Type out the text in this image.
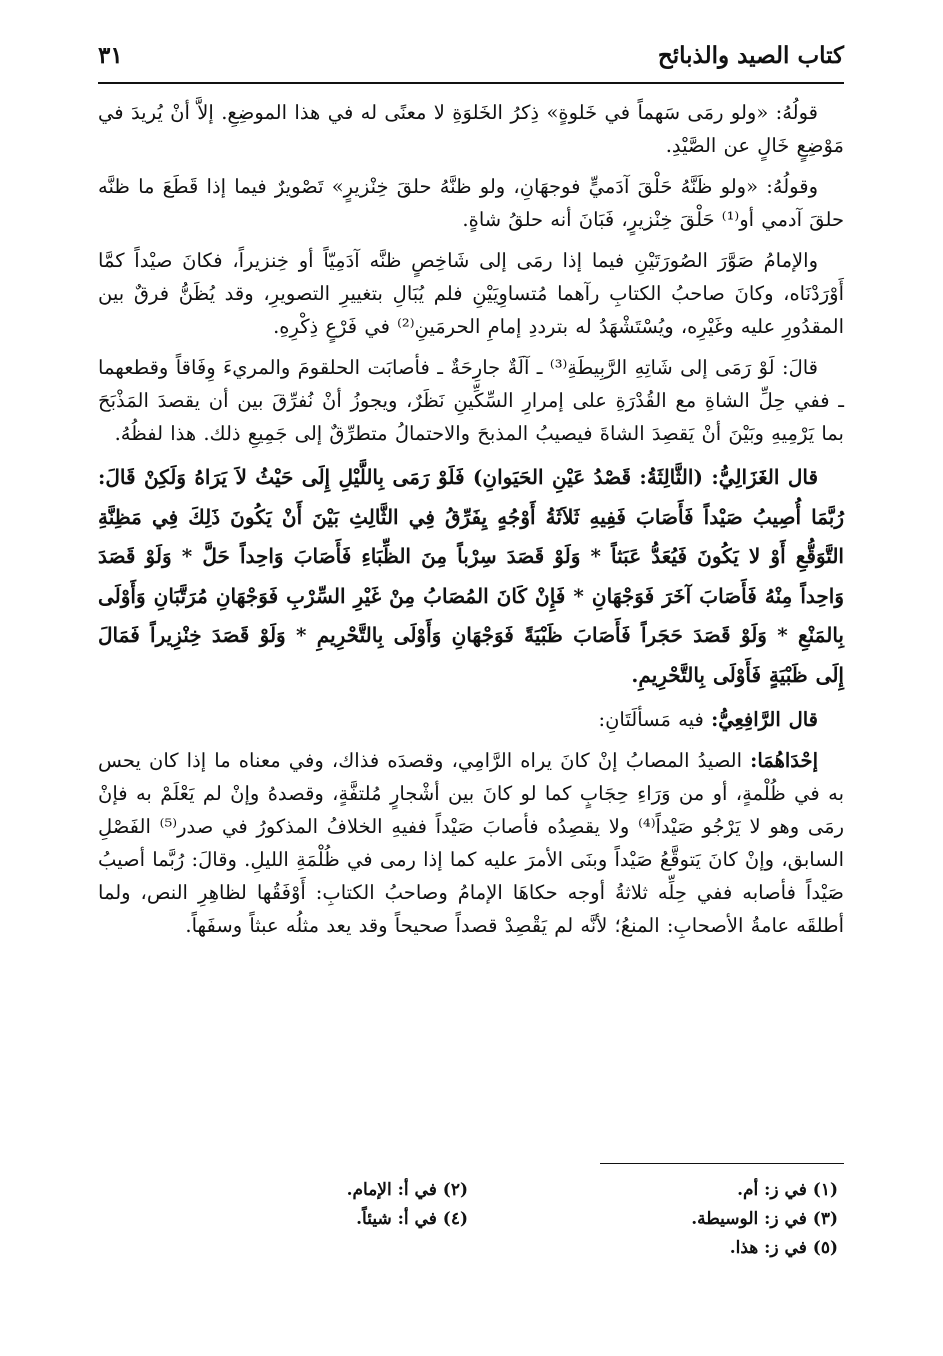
كتاب الصيد والذبائح
٣١

قولُهُ: «ولو رمَى سَهماً في خَلوةٍ» ذِكرُ الخَلوَةِ لا معنًى له في هذا الموضِعِ. إلاَّ أنْ يُريدَ في مَوْضِعٍ خَالٍ عن الصَّيْدِ.

وقولُهُ: «ولو ظَنَّهُ حَلْقَ آدَميٍّ فوجهَانِ، ولو ظنَّهُ حلقَ خِنْزيرٍ» تَصْويرٌ فيما إذا قَطَعَ ما ظنَّه حلقَ آدمي أو⁽¹⁾ حَلْقَ خِنْزيرٍ، فَبَانَ أنه حلقُ شاةٍ.

والإمامُ صَوَّرَ الصُورَتَيْنِ فيما إذا رمَى إلى شَاخِصٍ ظنَّه آدَمِيّاً أو خِنزيراً، فكانَ صيْداً كمَّا أَوْرَدْنَاه، وكانَ صاحبُ الكتابِ رآهما مُتساوِيَيْنِ فلم يُبَالِ بتغييرِ التصويرِ، وقد يُظَنُّ فرقٌ بين المقدُورِ عليه وغَيْرِه، ويُسْتَشْهَدُ له بترددِ إمامِ الحرمَينِ⁽²⁾ في فَرْعٍ ذِكْرِهِ.

قالَ: لَوْ رَمَى إلى شَاتِهِ الرَّبِيطَةِ⁽³⁾ ـ آلَةٌ جارِحَةٌ ـ فأصابَت الحلقومَ والمريءَ وِفَاقاً وقطعهما ـ ففي حِلِّ الشاةِ مع القُدْرَةِ على إمرارِ السِّكِّينِ نَظَرٌ، ويجوزُ أنْ نُفرِّقَ بين أن يقصدَ المَذْبَحَ بما يَرْمِيهِ وبَيْنَ أنْ يَقصِدَ الشاةَ فيصيبُ المذبحَ والاحتمالُ متطرِّقٌ إلى جَمِيعِ ذلك. هذا لفظُهُ.

قال الغَزَالِيُّ: (الثَّالِثَةُ: قَصْدُ عَيْنِ الحَيَوانِ) فَلَوْ رَمَى بِاللَّيْلِ إِلَى حَيْثُ لاَ يَرَاهُ وَلَكِنْ قَالَ: رُبَّمَا أُصِيبُ صَيْداً فَأَصَابَ فَفِيهِ ثَلاَثَةُ أَوْجُهٍ يِفَرِّقُ فِي الثَّالِثِ بَيْنَ أَنْ يَكُونَ ذَلِكَ فِي مَظِنَّةِ التَّوَقُّعِ أَوْ لا يَكُونَ فَيُعَدُّ عَبَثاً * وَلَوْ قَصَدَ سِرْباً مِنَ الظِّبَاءِ فَأَصَابَ وَاحِداً حَلَّ * وَلَوْ قَصَدَ وَاحِداً مِنْهُ فَأَصَابَ آخَرَ فَوَجْهَانِ * فَإِنْ كَانَ المُصَابُ مِنْ غَيْرِ السِّرْبِ فَوَجْهَانِ مُرَتَّبَانِ وَأَوْلَى بِالمَنْعِ * وَلَوْ قَصَدَ حَجَراً فَأَصَابَ ظَبْيَةً فَوَجْهَانِ وَأَوْلَى بِالتَّحْرِيمِ * وَلَوْ قَصَدَ خِنْزِيراً فَمَالَ إِلَى ظَبْيَةٍ فَأَوْلَى بِالتَّحْرِيمِ.

قال الرَّافِعِيُّ: فيه مَسألَتَانِ:

إحْدَاهُمَا: الصيدُ المصابُ إنْ كانَ يراه الرَّامِي، وقصدَه فذاك، وفي معناه ما إذا كان يحس به في ظُلْمةٍ، أو من وَرَاءِ حِجَابٍ كما لو كانَ بين أشْجارٍ مُلتفَّةٍ، وقصدهُ وإنْ لم يَعْلَمْ به فإنْ رمَى وهو لا يَرْجُو صَيْداً⁽⁴⁾ ولا يقصِدُه فأصابَ صَيْداً ففيهِ الخلافُ المذكورُ في صدر⁽⁵⁾ الفَصْلِ السابق، وإنْ كانَ يَتوقَّعُ صَيْداً وبنَى الأمرَ عليه كما إذا رمى في ظُلْمَةِ الليلِ. وقالَ: رُبَّما أصيبُ صَيْداً فأصابه ففي حِلِّه ثلاثةُ أوجه حكاهَا الإمامُ وصاحبُ الكتابِ: أَوْفَقُها لظاهِرِ النص، ولما أطلقَه عامةُ الأصحابِ: المنعُ؛ لأنَّه لم يَقْصِدْ قصداً صحيحاً وقد يعد مثلُه عبثاً وسفَهاً.

(١) في ز: أم.
(٢) في أ: الإمام.
(٣) في ز: الوسيطة.
(٤) في أ: شيئاً.
(٥) في ز: هذا.
